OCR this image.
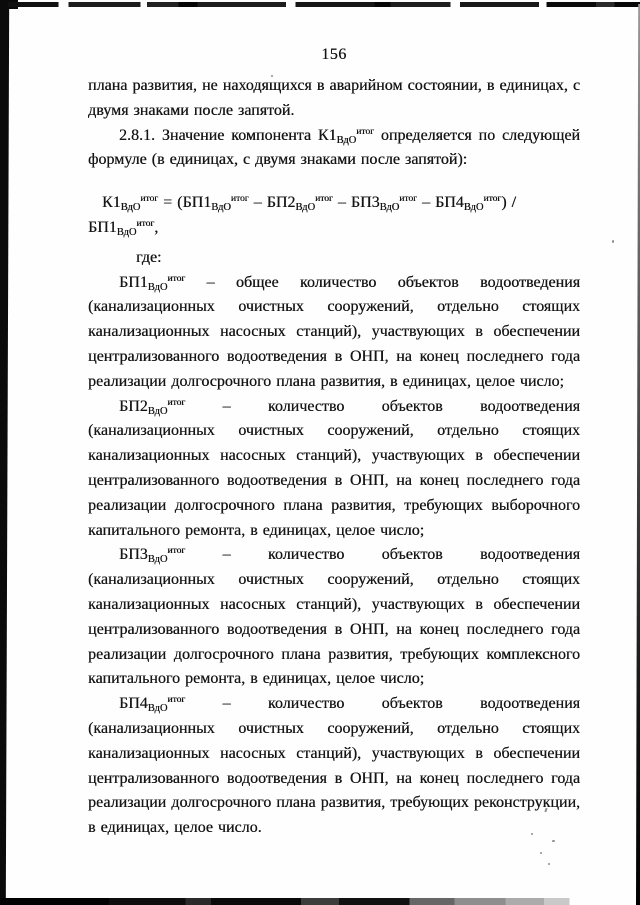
156

плана развития, не находящихся в аварийном состоянии, в единицах, с двумя знаками после запятой.

2.8.1. Значение компонента $К1_{ВдО}^{итог}$ определяется по следующей формуле (в единицах, с двумя знаками после запятой):

$К1_{ВдО}^{итог} = (БП1_{ВдО}^{итог} - БП2_{ВдО}^{итог} - БП3_{ВдО}^{итог} - БП4_{ВдО}^{итог}) / БП1_{ВдО}^{итог}$,

где:

$БП1_{ВдО}^{итог}$ – общее количество объектов водоотведения (канализационных очистных сооружений, отдельно стоящих канализационных насосных станций), участвующих в обеспечении централизованного водоотведения в ОНП, на конец последнего года реализации долгосрочного плана развития, в единицах, целое число;

$БП2_{ВдО}^{итог}$ – количество объектов водоотведения (канализационных очистных сооружений, отдельно стоящих канализационных насосных станций), участвующих в обеспечении централизованного водоотведения в ОНП, на конец последнего года реализации долгосрочного плана развития, требующих выборочного капитального ремонта, в единицах, целое число;

$БП3_{ВдО}^{итог}$ – количество объектов водоотведения (канализационных очистных сооружений, отдельно стоящих канализационных насосных станций), участвующих в обеспечении централизованного водоотведения в ОНП, на конец последнего года реализации долгосрочного плана развития, требующих комплексного капитального ремонта, в единицах, целое число;

$БП4_{ВдО}^{итог}$ – количество объектов водоотведения (канализационных очистных сооружений, отдельно стоящих канализационных насосных станций), участвующих в обеспечении централизованного водоотведения в ОНП, на конец последнего года реализации долгосрочного плана развития, требующих реконструкции, в единицах, целое число.
